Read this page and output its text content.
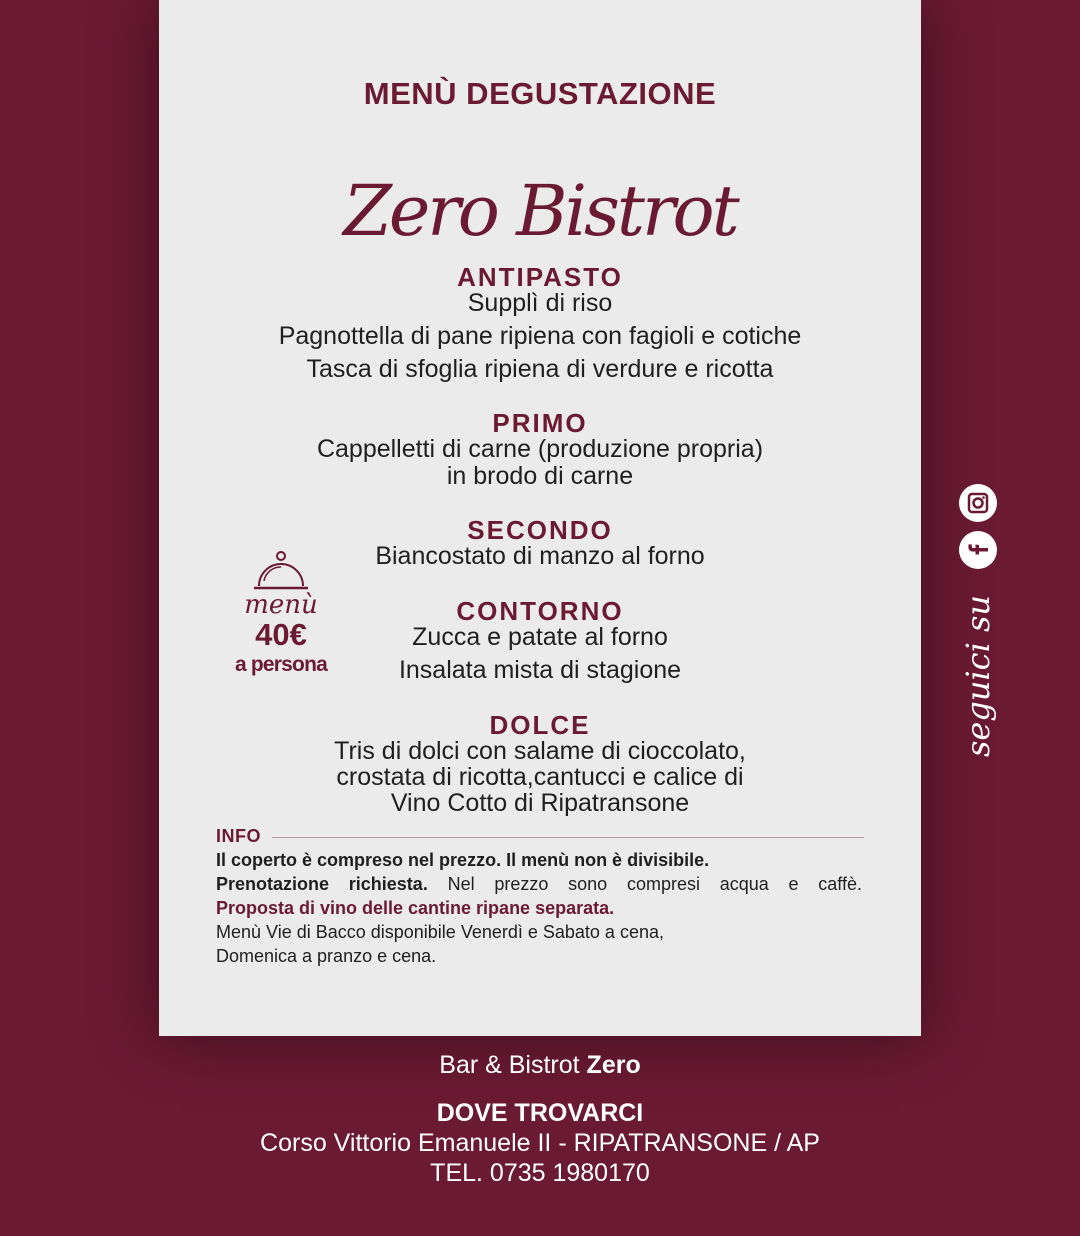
MENÙ DEGUSTAZIONE
Zero Bistrot
ANTIPASTO
Supplì di riso
Pagnottella di pane ripiena con fagioli e cotiche
Tasca di sfoglia ripiena di verdure e ricotta
PRIMO
Cappelletti di carne (produzione propria)
in brodo di carne
SECONDO
Biancostato di manzo al forno
CONTORNO
Zucca e patate al forno
Insalata mista di stagione
DOLCE
Tris di dolci con salame di cioccolato,
crostata di ricotta,cantucci e calice di
Vino Cotto di Ripatransone
menù
40€
a persona
INFO
Il coperto è compreso nel prezzo. Il menù non è divisibile.
Prenotazione richiesta. Nel prezzo sono compresi acqua e caffè.
Proposta di vino delle cantine ripane separata.
Menù Vie di Bacco disponibile Venerdì e Sabato a cena,
Domenica a pranzo e cena.
seguici su
Bar & Bistrot Zero
DOVE TROVARCI
Corso Vittorio Emanuele II - RIPATRANSONE / AP
TEL. 0735 1980170
